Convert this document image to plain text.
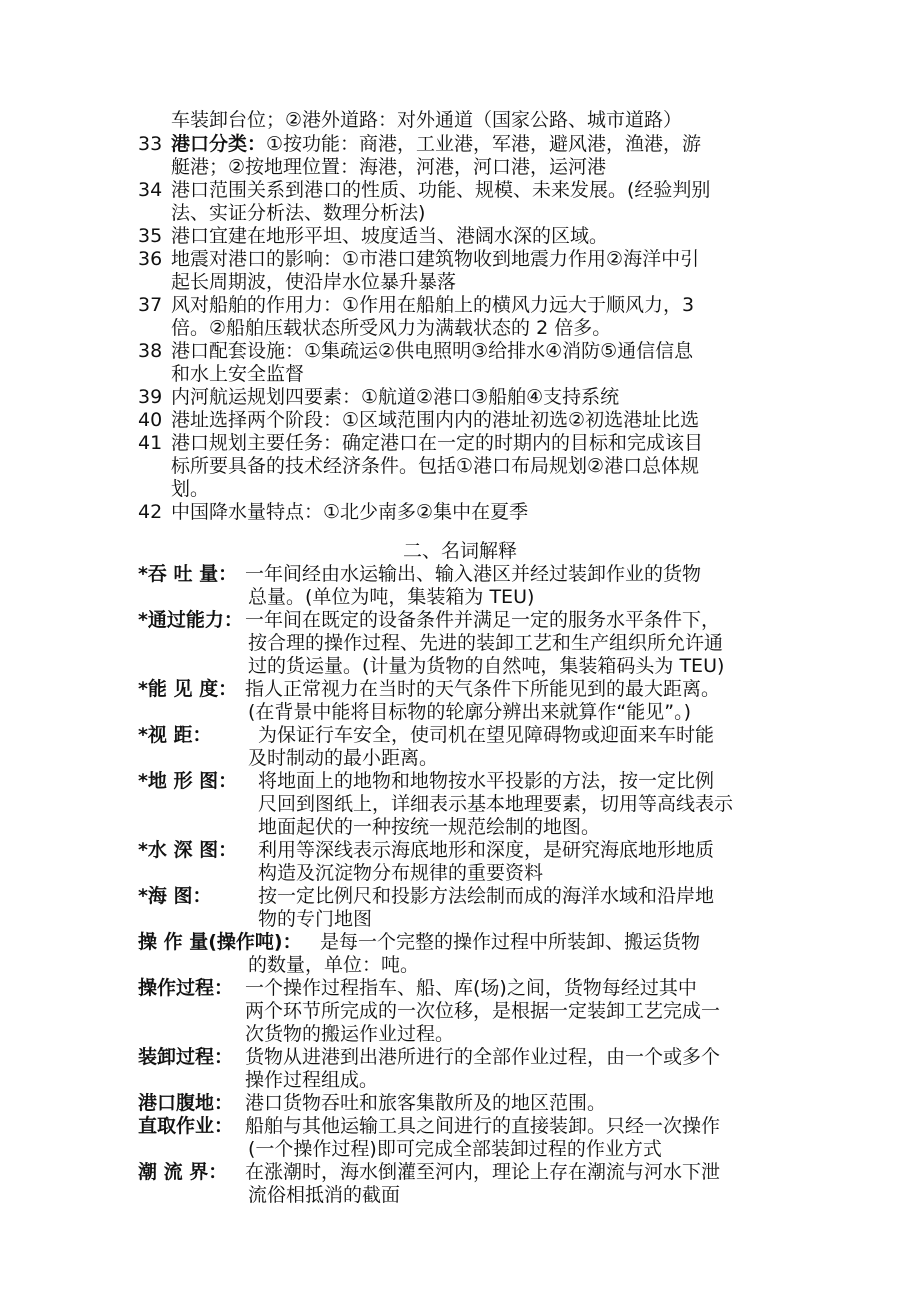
车装卸台位；②港外道路：对外通道（国家公路、城市道路）
33 港口分类：①按功能：商港，工业港，军港，避风港，渔港，游
艇港；②按地理位置：海港，河港，河口港，运河港
34 港口范围关系到港口的性质、功能、规模、未来发展。(经验判别
法、实证分析法、数理分析法)
35 港口宜建在地形平坦、坡度适当、港阔水深的区域。
36 地震对港口的影响：①市港口建筑物收到地震力作用②海洋中引
起长周期波，使沿岸水位暴升暴落
37 风对船舶的作用力：①作用在船舶上的横风力远大于顺风力，3
倍。②船舶压载状态所受风力为满载状态的 2 倍多。
38 港口配套设施：①集疏运②供电照明③给排水④消防⑤通信信息
和水上安全监督
39 内河航运规划四要素：①航道②港口③船舶④支持系统
40 港址选择两个阶段：①区域范围内内的港址初选②初选港址比选
41 港口规划主要任务：确定港口在一定的时期内的目标和完成该目
标所要具备的技术经济条件。包括①港口布局规划②港口总体规
划。
42 中国降水量特点：①北少南多②集中在夏季
二、名词解释
*吞 吐 量： 一年间经由水运输出、输入港区并经过装卸作业的货物
总量。(单位为吨，集装箱为 TEU)
*通过能力： 一年间在既定的设备条件并满足一定的服务水平条件下，
按合理的操作过程、先进的装卸工艺和生产组织所允许通
过的货运量。(计量为货物的自然吨，集装箱码头为 TEU)
*能 见 度： 指人正常视力在当时的天气条件下所能见到的最大距离。
(在背景中能将目标物的轮廓分辨出来就算作“能见”。)
*视 距： 为保证行车安全，使司机在望见障碍物或迎面来车时能
及时制动的最小距离。
*地 形 图： 将地面上的地物和地物按水平投影的方法，按一定比例
尺回到图纸上，详细表示基本地理要素，切用等高线表示
地面起伏的一种按统一规范绘制的地图。
*水 深 图： 利用等深线表示海底地形和深度，是研究海底地形地质
构造及沉淀物分布规律的重要资料
*海 图： 按一定比例尺和投影方法绘制而成的海洋水域和沿岸地
物的专门地图
操 作 量(操作吨)： 是每一个完整的操作过程中所装卸、搬运货物
的数量，单位：吨。
操作过程： 一个操作过程指车、船、库(场)之间，货物每经过其中
两个环节所完成的一次位移，是根据一定装卸工艺完成一
次货物的搬运作业过程。
装卸过程： 货物从进港到出港所进行的全部作业过程，由一个或多个
操作过程组成。
港口腹地： 港口货物吞吐和旅客集散所及的地区范围。
直取作业： 船舶与其他运输工具之间进行的直接装卸。只经一次操作
(一个操作过程)即可完成全部装卸过程的作业方式
潮 流 界： 在涨潮时，海水倒灌至河内，理论上存在潮流与河水下泄
流俗相抵消的截面
